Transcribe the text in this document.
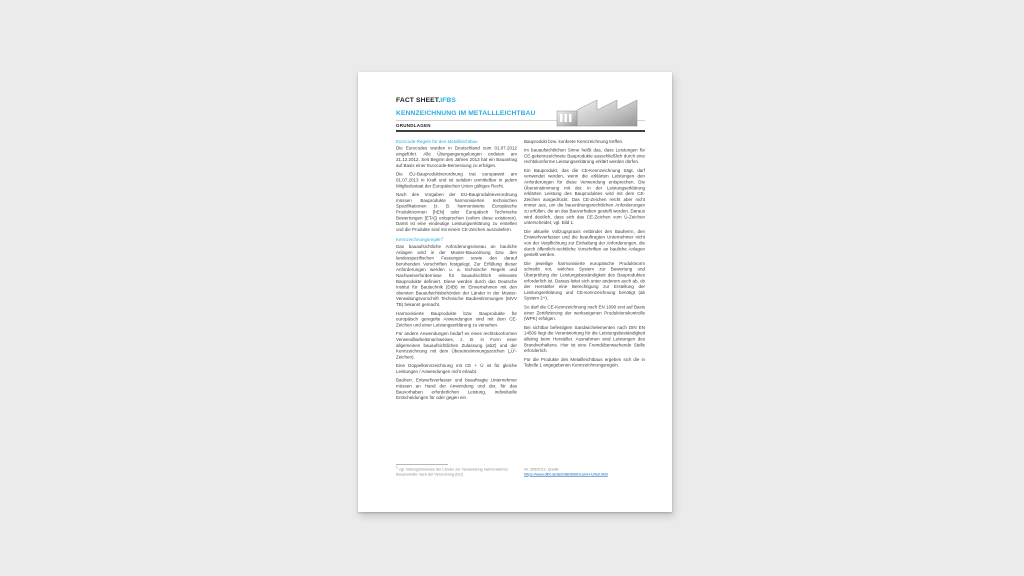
FACT SHEET.IFBS
KENNZEICHNUNG IM METALLLEICHTBAU
GRUNDLAGEN
Eurocode-Regeln für den Metallleichtbau

Die Eurocodes wurden in Deutschland zum 01.07.2012 eingeführt. Alle Übergangsregelungen endeten am 31.12.2012. Seit Beginn des Jahres 2013 hat ein Bauantrag auf Basis einer Eurocode-Bemessung zu erfolgen.

Die EU-Bauproduktverordnung trat europaweit am 01.07.2013 in Kraft und ist seitdem unmittelbar in jedem Mitgliedsstaat der Europäischen Union gültiges Recht.

Nach den Vorgaben der EU-Bauprodukteverordnung müssen Bauprodukte harmonisierten technischen Spezifikationen (z. B. harmonisierte Europäische Produktnormen [hEN] oder Europäisch Technische Bewertungen [ETA]) entsprechen (sofern diese existieren). Damit ist eine eindeutige Leistungserklärung zu erstellen und die Produkte sind mit einem CE-Zeichen auszuliefern.

Kennzeichnungsregeln$^1$

Das bauaufsichtliche Anforderungsniveau an bauliche Anlagen wird in der Muster-Bauordnung bzw. den landesspezifischen Fassungen sowie den darauf beruhenden Vorschriften festgelegt. Zur Erfüllung dieser Anforderungen werden u. a. technische Regeln und Nachweiserfordernisse für bauaufsichtlich relevante Bauprodukte definiert. Diese werden durch das Deutsche Institut für Bautechnik (DIBt) im Einvernehmen mit den obersten Bauaufsichtsbehörden der Länder in der Muster-Verwaltungsvorschrift Technische Baubestimmungen (MVV TB) bekannt gemacht.

Harmonisierte Bauprodukte bzw. Bauprodukte für europäisch geregelte Anwendungen sind mit dem CE-Zeichen und einer Leistungserklärung zu versehen.

Für andere Anwendungen bedarf es eines rechtskonformen Verwendbarkeitsnachweises, z. B. in Form einer allgemeinen bauaufsichtlichen Zulassung (abZ) und der Kennzeichnung mit dem Übereinstimmungszeichen („Ü“-Zeichen).

Eine Doppelkennzeichnung mit CE + Ü ist für gleiche Leistungen / Anwendungen nicht erlaubt.

Bauherr, Entwurfsverfasser und beauftragte Unternehmer müssen an Hand der Anwendung und der, für das Bauvorhaben erforderlichen Leistung, individuelle Entscheidungen für oder gegen ein

$^1$ vgl. Vollzugshinweise der Länder zur Verwendung harmonisierter Bauprodukte nach der Verordnung (EU)

Bauprodukt bzw. konkrete Kennzeichnung treffen.

Im bauaufsichtlichen Sinne heißt das, dass Leistungen für CE-gekennzeichnete Bauprodukte ausschließlich durch eine rechtskonforme Leistungserklärung erklärt werden dürfen.

Ein Bauprodukt, das die CE-Kennzeichnung trägt, darf verwendet werden, wenn die erklärten Leistungen den Anforderungen für diese Verwendung entsprechen. Die Übereinstimmung mit der, in der Leistungserklärung erklärten Leistung des Bauproduktes wird mit dem CE-Zeichen ausgedrückt. Das CE-Zeichen reicht aber nicht immer aus, um die bauordnungsrechtlichen Anforderungen zu erfüllen, die an das Bauvorhaben gestellt werden. Daraus wird deutlich, dass sich das CE-Zeichen vom Ü-Zeichen unterscheidet, vgl. Bild 1.

Die aktuelle Vollzugspraxis entbindet den Bauherrn, den Entwurfsverfasser und die beauftragten Unternehmer nicht von der Verpflichtung zur Einhaltung der Anforderungen, die durch öffentlich-rechtliche Vorschriften an bauliche Anlagen gestellt werden.

Die jeweilige harmonisierte europäische Produktnorm schreibt vor, welches System zur Bewertung und Überprüfung der Leistungsbeständigkeit des Bauproduktes erforderlich ist. Daraus leitet sich unter anderem auch ab, ob der Hersteller eine Berechtigung zur Erstellung der Leistungserklärung und CE-Kennzeichnung benötigt (ab System 2+).

So darf die CE-Kennzeichnung nach EN 1090 erst auf Basis einer Zertifizierung der werkseigenen Produktionskontrolle (WPK) erfolgen.

Bei sichtbar befestigten Sandwichelementen nach DIN EN 14509 liegt die Verantwortung für die Leistungsbeständigkeit alleinig beim Hersteller. Ausnahmen sind Leistungen des Brandverhaltens. Hier ist eine Fremdüberwachende Stelle erforderlich.

Für die Produkte des Metallleichtbaus ergeben sich die in Tabelle 1 angegebenen Kennzeichnungsregeln.

Nr. 305/2011, Quelle:
https://www.dibt.de/de/DIBt/DIBt-EuGH-Urteil.html
